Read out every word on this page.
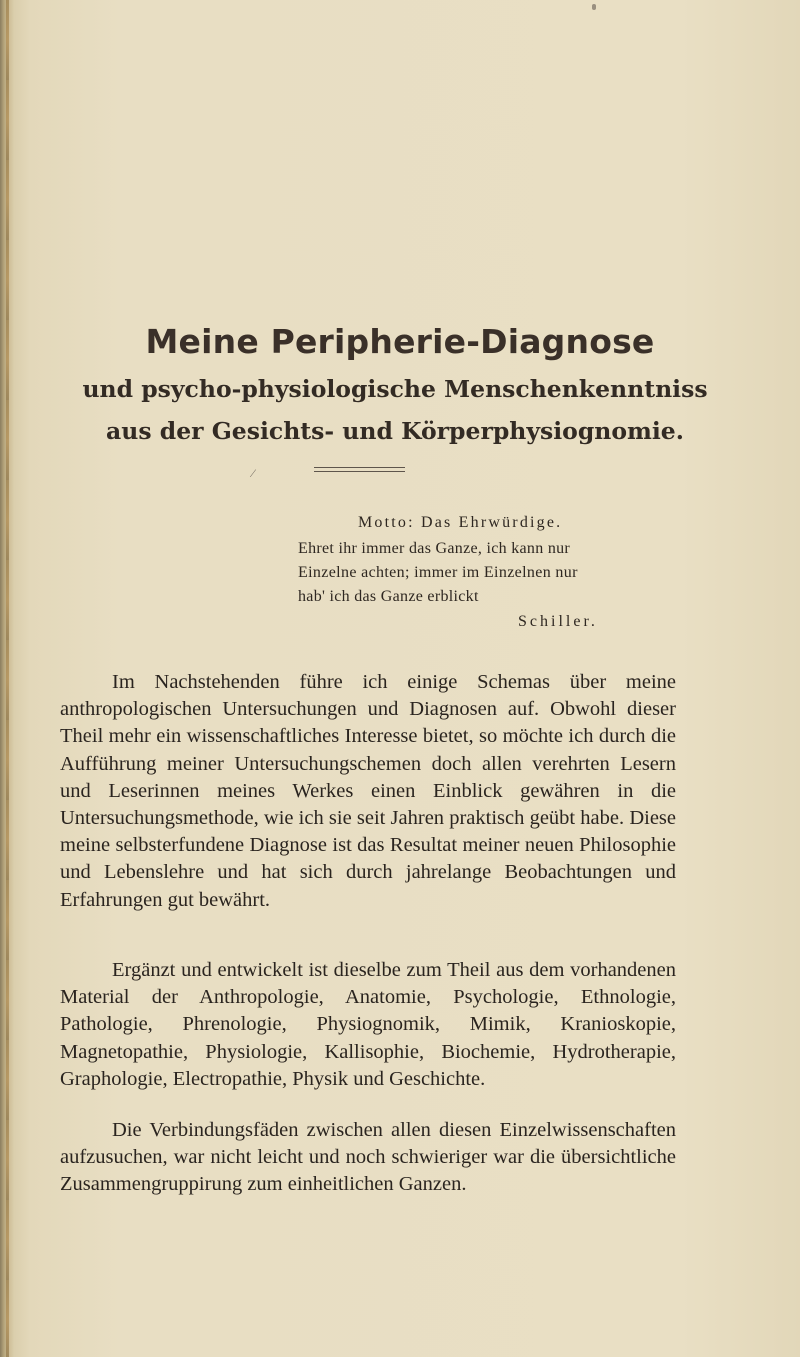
Meine Peripherie-Diagnose
und psycho-physiologische Menschenkenntniss
aus der Gesichts- und Körperphysiognomie.
⁄
Motto: Das Ehrwürdige.
Ehret ihr immer das Ganze, ich kann nur
Einzelne achten; immer im Einzelnen nur
hab' ich das Ganze erblickt
Schiller.

Im Nachstehenden führe ich einige Schemas über meine anthropologischen Untersuchungen und Diagnosen auf. Obwohl dieser Theil mehr ein wissenschaftliches Interesse bietet, so möchte ich durch die Aufführung meiner Untersuchungschemen doch allen verehrten Lesern und Leserinnen meines Werkes einen Einblick gewähren in die Untersuchungsmethode, wie ich sie seit Jahren praktisch geübt habe. Diese meine selbsterfundene Diagnose ist das Resultat meiner neuen Philosophie und Lebenslehre und hat sich durch jahrelange Beobachtungen und Erfahrungen gut bewährt.

Ergänzt und entwickelt ist dieselbe zum Theil aus dem vorhandenen Material der Anthropologie, Anatomie, Psychologie, Ethnologie, Pathologie, Phrenologie, Physiognomik, Mimik, Kranioskopie, Magnetopathie, Physiologie, Kallisophie, Biochemie, Hydrotherapie, Graphologie, Electropathie, Physik und Geschichte.

Die Verbindungsfäden zwischen allen diesen Einzelwissenschaften aufzusuchen, war nicht leicht und noch schwieriger war die übersichtliche Zusammengruppirung zum einheitlichen Ganzen.
